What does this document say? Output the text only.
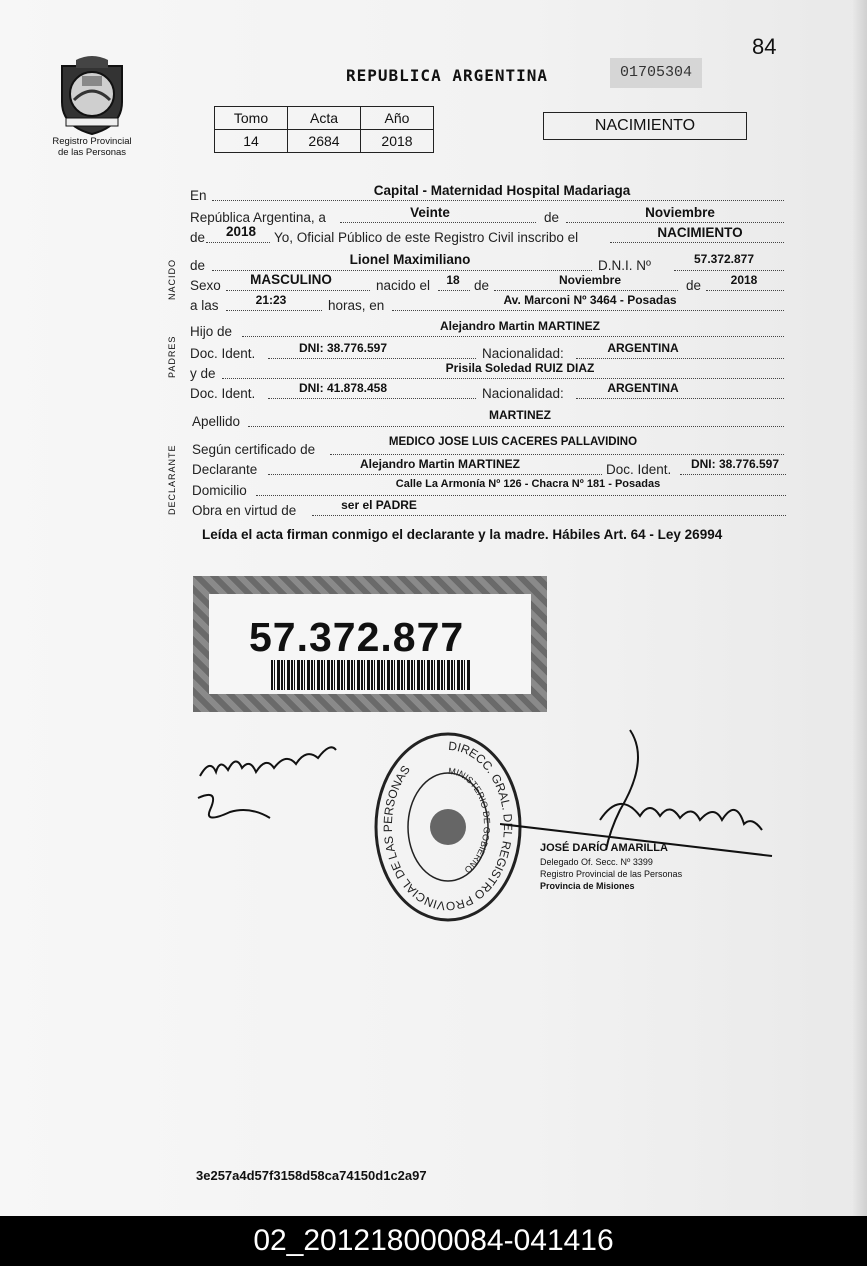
84
REPUBLICA ARGENTINA	01705304
Registro Provincial
de las Personas
Tomo	Acta	Año
14	2684	2018
NACIMIENTO
NACIDO
PADRES
DECLARANTE
En	Capital - Maternidad Hospital Madariaga
República Argentina, a	Veinte	de	Noviembre
de	2018	Yo, Oficial Público de este Registro Civil inscribo el	NACIMIENTO
de	Lionel Maximiliano	D.N.I. Nº	57.372.877
Sexo	MASCULINO	nacido el	18	de	Noviembre	de	2018
a las	21:23	horas, en	Av. Marconi Nº 3464 - Posadas
Hijo de	Alejandro Martin MARTINEZ
Doc. Ident.	DNI: 38.776.597	Nacionalidad:	ARGENTINA
y de	Prisila Soledad RUIZ DIAZ
Doc. Ident.	DNI: 41.878.458	Nacionalidad:	ARGENTINA
Apellido	MARTINEZ
Según certificado de	MEDICO JOSE LUIS CACERES PALLAVIDINO
Declarante	Alejandro Martin MARTINEZ	Doc. Ident.	DNI: 38.776.597
Domicilio	Calle La Armonía Nº 126 - Chacra Nº 181 - Posadas
Obra en virtud de	ser el PADRE
Leída el acta firman conmigo el declarante y la madre. Hábiles Art. 64 - Ley 26994
57.372.877
DIRECC. GRAL. DEL REGISTRO PROVINCIAL DE LAS PERSONAS	MINISTERIO DE GOBIERNO
JOSÉ DARÍO AMARILLA
Delegado Of. Secc. Nº 3399
Registro Provincial de las Personas
Provincia de Misiones
3e257a4d57f3158d58ca74150d1c2a97
02_201218000084-041416
